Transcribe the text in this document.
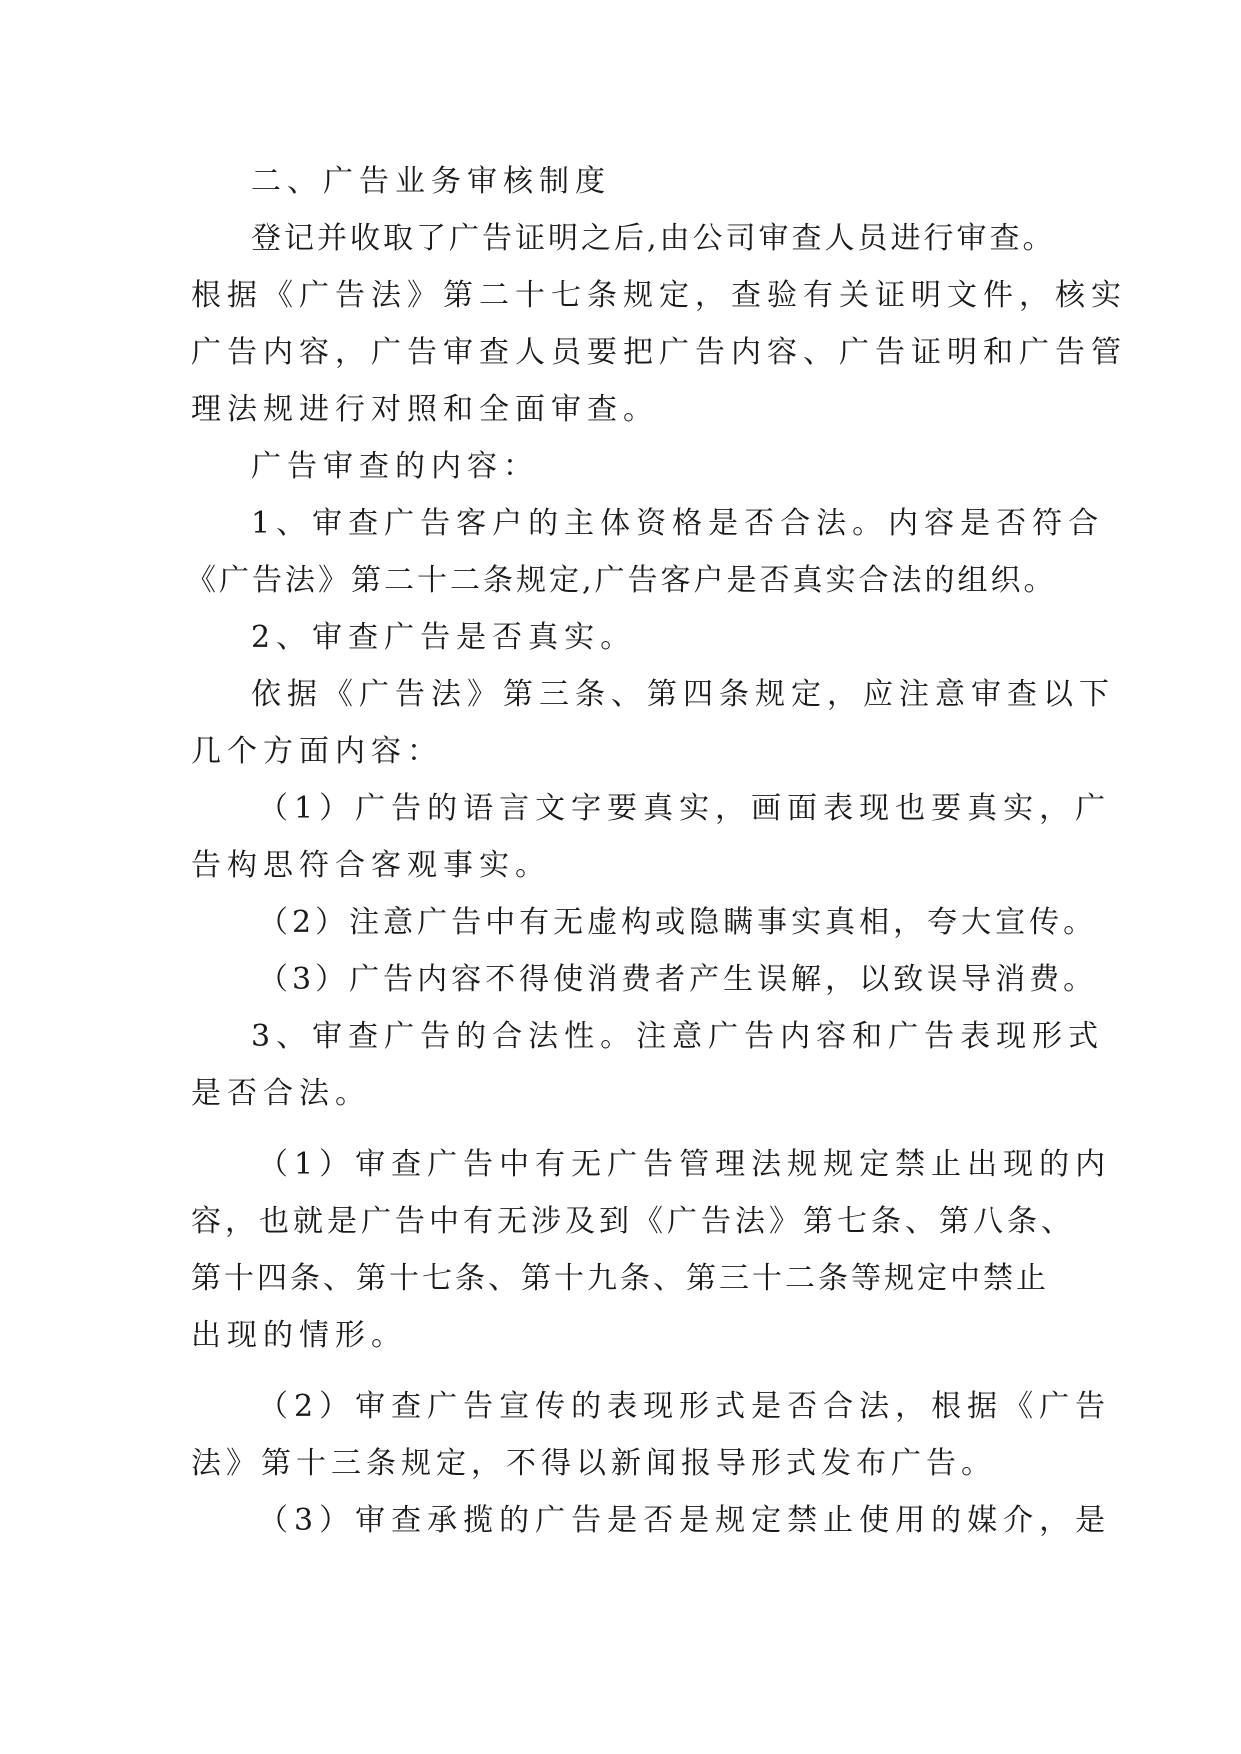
二、广告业务审核制度
登记并收取了广告证明之后,由公司审查人员进行审查。
根据《广告法》第二十七条规定，查验有关证明文件，核实
广告内容，广告审查人员要把广告内容、广告证明和广告管
理法规进行对照和全面审查。
广告审查的内容：
1、审查广告客户的主体资格是否合法。内容是否符合
《广告法》第二十二条规定,广告客户是否真实合法的组织。
2、审查广告是否真实。
依据《广告法》第三条、第四条规定，应注意审查以下
几个方面内容：
（1）广告的语言文字要真实，画面表现也要真实，广
告构思符合客观事实。
（2）注意广告中有无虚构或隐瞒事实真相，夸大宣传。
（3）广告内容不得使消费者产生误解，以致误导消费。
3、审查广告的合法性。注意广告内容和广告表现形式
是否合法。
（1）审查广告中有无广告管理法规规定禁止出现的内
容，也就是广告中有无涉及到《广告法》第七条、第八条、
第十四条、第十七条、第十九条、第三十二条等规定中禁止
出现的情形。
（2）审查广告宣传的表现形式是否合法，根据《广告
法》第十三条规定，不得以新闻报导形式发布广告。
（3）审查承揽的广告是否是规定禁止使用的媒介，是
